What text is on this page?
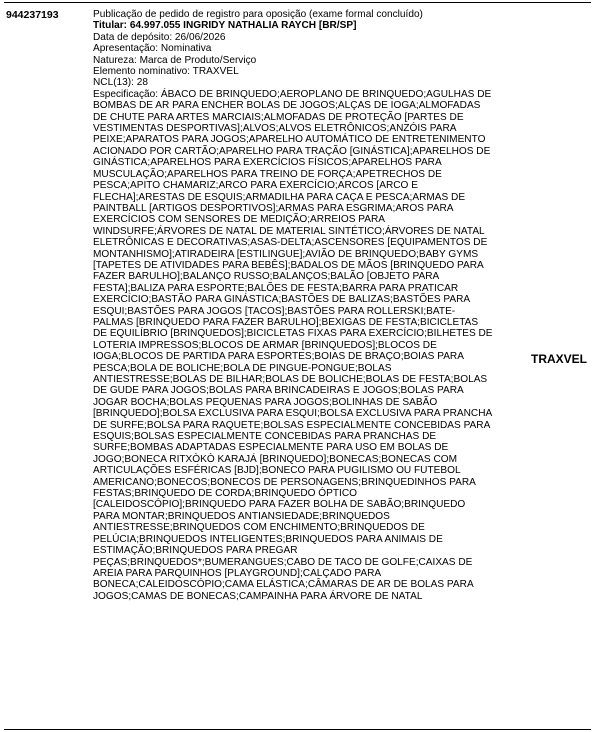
944237193	Publicação de pedido de registro para oposição (exame formal concluído)
Titular: 64.997.055 INGRIDY NATHALIA RAYCH [BR/SP]
Data de depósito: 26/06/2026
Apresentação: Nominativa
Natureza: Marca de Produto/Serviço
Elemento nominativo: TRAXVEL
NCL(13): 28
Especificação: ÁBACO DE BRINQUEDO;AEROPLANO DE BRINQUEDO;AGULHAS DE
BOMBAS DE AR PARA ENCHER BOLAS DE JOGOS;ALÇAS DE IOGA;ALMOFADAS
DE CHUTE PARA ARTES MARCIAIS;ALMOFADAS DE PROTEÇÃO [PARTES DE
VESTIMENTAS DESPORTIVAS];ALVOS;ALVOS ELETRÔNICOS;ANZÓIS PARA
PEIXE;APARATOS PARA JOGOS;APARELHO AUTOMÁTICO DE ENTRETENIMENTO
ACIONADO POR CARTÃO;APARELHO PARA TRAÇÃO [GINÁSTICA];APARELHOS DE
GINÁSTICA;APARELHOS PARA EXERCÍCIOS FÍSICOS;APARELHOS PARA
MUSCULAÇÃO;APARELHOS PARA TREINO DE FORÇA;APETRECHOS DE
PESCA;APITO CHAMARIZ;ARCO PARA EXERCÍCIO;ARCOS [ARCO E
FLECHA];ARESTAS DE ESQUIS;ARMADILHA PARA CAÇA E PESCA;ARMAS DE
PAINTBALL [ARTIGOS DESPORTIVOS];ARMAS PARA ESGRIMA;AROS PARA
EXERCÍCIOS COM SENSORES DE MEDIÇÃO;ARREIOS PARA
WINDSURFE;ÁRVORES DE NATAL DE MATERIAL SINTÉTICO;ÁRVORES DE NATAL
ELETRÔNICAS E DECORATIVAS;ASAS-DELTA;ASCENSORES [EQUIPAMENTOS DE
MONTANHISMO];ATIRADEIRA [ESTILINGUE];AVIÃO DE BRINQUEDO;BABY GYMS
[TAPETES DE ATIVIDADES PARA BEBÊS];BADALOS DE MÃOS [BRINQUEDO PARA
FAZER BARULHO];BALANÇO RUSSO;BALANÇOS;BALÃO [OBJETO PARA
FESTA];BALIZA PARA ESPORTE;BALÕES DE FESTA;BARRA PARA PRATICAR
EXERCÍCIO;BASTÃO PARA GINÁSTICA;BASTÕES DE BALIZAS;BASTÕES PARA
ESQUI;BASTÕES PARA JOGOS [TACOS];BASTÕES PARA ROLLERSKI;BATE-
PALMAS [BRINQUEDO PARA FAZER BARULHO];BEXIGAS DE FESTA;BICICLETAS
DE EQUILÍBRIO [BRINQUEDOS];BICICLETAS FIXAS PARA EXERCÍCIO;BILHETES DE
LOTERIA IMPRESSOS;BLOCOS DE ARMAR [BRINQUEDOS];BLOCOS DE
IOGA;BLOCOS DE PARTIDA PARA ESPORTES;BOIAS DE BRAÇO;BOIAS PARA
PESCA;BOLA DE BOLICHE;BOLA DE PINGUE-PONGUE;BOLAS
ANTIESTRESSE;BOLAS DE BILHAR;BOLAS DE BOLICHE;BOLAS DE FESTA;BOLAS
DE GUDE PARA JOGOS;BOLAS PARA BRINCADEIRAS E JOGOS;BOLAS PARA
JOGAR BOCHA;BOLAS PEQUENAS PARA JOGOS;BOLINHAS DE SABÃO
[BRINQUEDO];BOLSA EXCLUSIVA PARA ESQUI;BOLSA EXCLUSIVA PARA PRANCHA
DE SURFE;BOLSA PARA RAQUETE;BOLSAS ESPECIALMENTE CONCEBIDAS PARA
ESQUIS;BOLSAS ESPECIALMENTE CONCEBIDAS PARA PRANCHAS DE
SURFE;BOMBAS ADAPTADAS ESPECIALMENTE PARA USO EM BOLAS DE
JOGO;BONECA RITXÒKÒ KARAJÁ [BRINQUEDO];BONECAS;BONECAS COM
ARTICULAÇÕES ESFÉRICAS [BJD];BONECO PARA PUGILISMO OU FUTEBOL
AMERICANO;BONECOS;BONECOS DE PERSONAGENS;BRINQUEDINHOS PARA
FESTAS;BRINQUEDO DE CORDA;BRINQUEDO ÓPTICO
[CALEIDOSCÓPIO];BRINQUEDO PARA FAZER BOLHA DE SABÃO;BRINQUEDO
PARA MONTAR;BRINQUEDOS ANTIANSIEDADE;BRINQUEDOS
ANTIESTRESSE;BRINQUEDOS COM ENCHIMENTO;BRINQUEDOS DE
PELÚCIA;BRINQUEDOS INTELIGENTES;BRINQUEDOS PARA ANIMAIS DE
ESTIMAÇÃO;BRINQUEDOS PARA PREGAR
PEÇAS;BRINQUEDOS*;BUMERANGUES;CABO DE TACO DE GOLFE;CAIXAS DE
AREIA PARA PARQUINHOS [PLAYGROUND];CALÇADO PARA
BONECA;CALEIDOSCÓPIO;CAMA ELÁSTICA;CÂMARAS DE AR DE BOLAS PARA
JOGOS;CAMAS DE BONECAS;CAMPAINHA PARA ÁRVORE DE NATAL
TRAXVEL
